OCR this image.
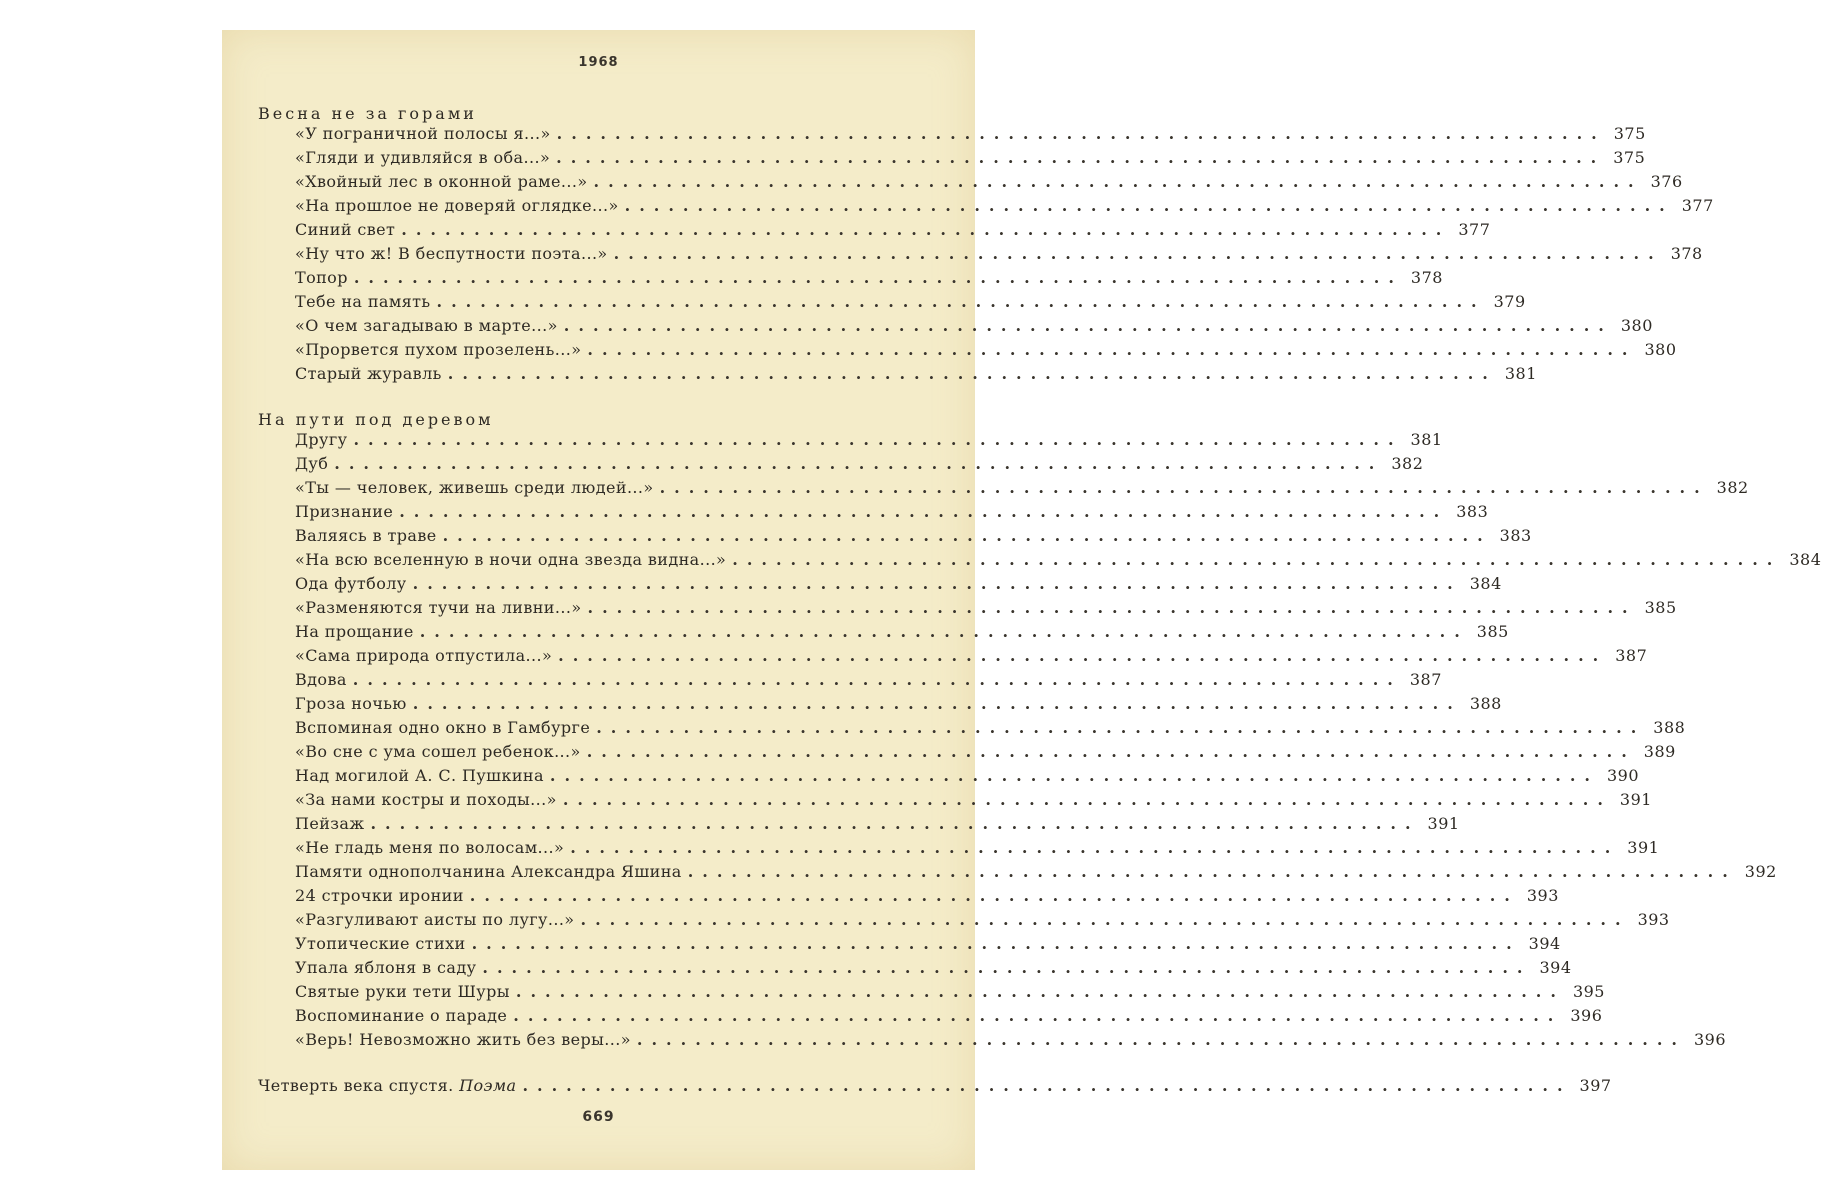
1968
Весна не за горами
«У пограничной полосы я...» ........................................................................ 375
«Гляди и удивляйся в оба...» ........................................................................ 375
«Хвойный лес в оконной раме...» ........................................................................ 376
«На прошлое не доверяй оглядке...» ........................................................................ 377
Синий свет ........................................................................ 377
«Ну что ж! В беспутности поэта...» ........................................................................ 378
Топор ........................................................................ 378
Тебе на память ........................................................................ 379
«О чем загадываю в марте...» ........................................................................ 380
«Прорвется пухом прозелень...» ........................................................................ 380
Старый журавль ........................................................................ 381
На пути под деревом
Другу ........................................................................ 381
Дуб ........................................................................ 382
«Ты — человек, живешь среди людей...» ........................................................................ 382
Признание ........................................................................ 383
Валяясь в траве ........................................................................ 383
«На всю вселенную в ночи одна звезда видна...» ........................................................................ 384
Ода футболу ........................................................................ 384
«Разменяются тучи на ливни...» ........................................................................ 385
На прощание ........................................................................ 385
«Сама природа отпустила...» ........................................................................ 387
Вдова ........................................................................ 387
Гроза ночью ........................................................................ 388
Вспоминая одно окно в Гамбурге ........................................................................ 388
«Во сне с ума сошел ребенок...» ........................................................................ 389
Над могилой А. С. Пушкина ........................................................................ 390
«За нами костры и походы...» ........................................................................ 391
Пейзаж ........................................................................ 391
«Не гладь меня по волосам...» ........................................................................ 391
Памяти однополчанина Александра Яшина ........................................................................ 392
24 строчки иронии ........................................................................ 393
«Разгуливают аисты по лугу...» ........................................................................ 393
Утопические стихи ........................................................................ 394
Упала яблоня в саду ........................................................................ 394
Святые руки тети Шуры ........................................................................ 395
Воспоминание о параде ........................................................................ 396
«Верь! Невозможно жить без веры...» ........................................................................ 396
Четверть века спустя. Поэма ........................................................................ 397
669
